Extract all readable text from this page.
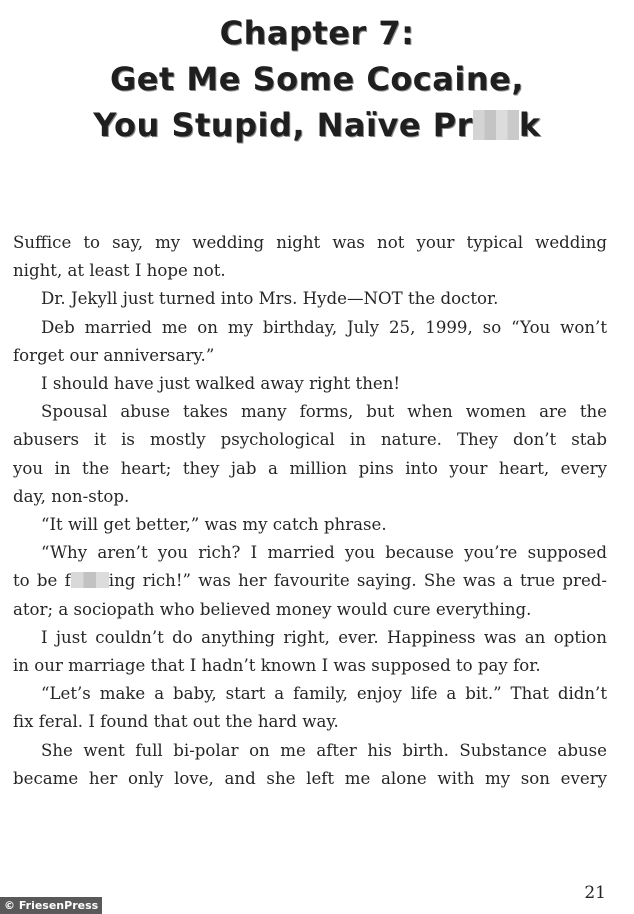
Chapter 7:
Get Me Some Cocaine,
You Stupid, Naïve Pr k

Suffice to say, my wedding night was not your typical wedding

night, at least I hope not.

Dr. Jekyll just turned into Mrs. Hyde—NOT the doctor.

Deb married me on my birthday, July 25, 1999, so “You won’t

forget our anniversary.”

I should have just walked away right then!

Spousal abuse takes many forms, but when women are the

abusers it is mostly psychological in nature. They don’t stab

you in the heart; they jab a million pins into your heart, every

day, non-stop.

“It will get better,” was my catch phrase.

“Why aren’t you rich? I married you because you’re supposed

to be f ing rich!” was her favourite saying. She was a true pred-

ator; a sociopath who believed money would cure everything.

I just couldn’t do anything right, ever. Happiness was an option

in our marriage that I hadn’t known I was supposed to pay for.

“Let’s make a baby, start a family, enjoy life a bit.” That didn’t

fix feral. I found that out the hard way.

She went full bi-polar on me after his birth. Substance abuse

became her only love, and she left me alone with my son every

21
© FriesenPress
